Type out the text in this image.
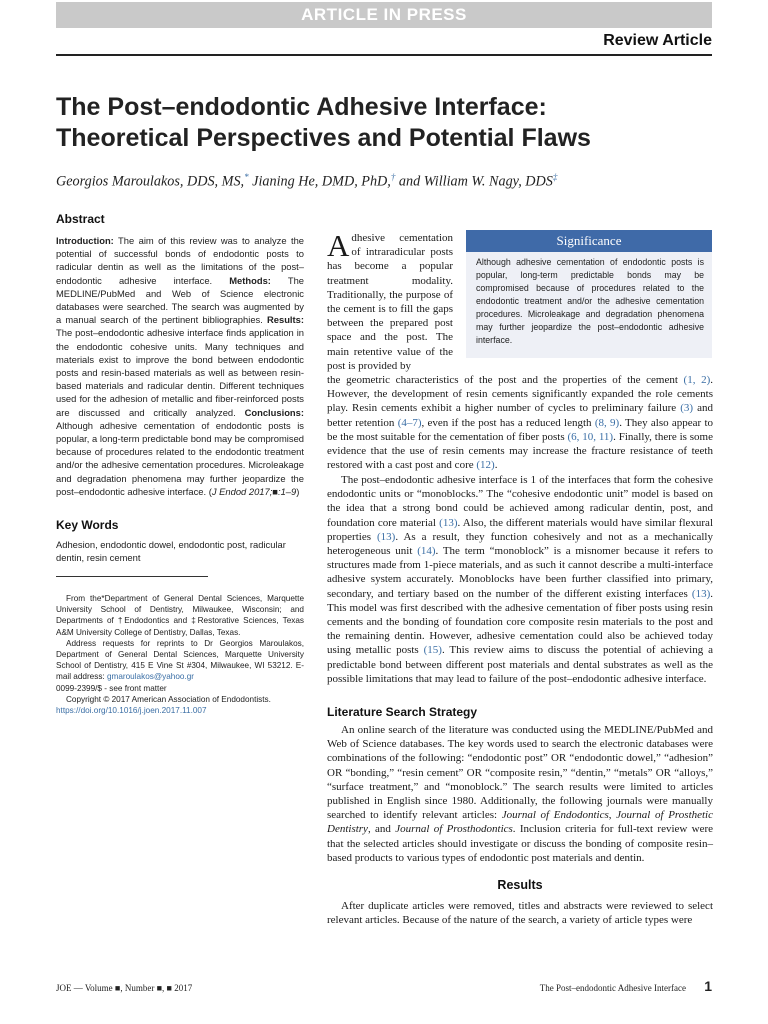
ARTICLE IN PRESS
Review Article
The Post–endodontic Adhesive Interface:
Theoretical Perspectives and Potential Flaws
Georgios Maroulakos, DDS, MS,* Jianing He, DMD, PhD,† and William W. Nagy, DDS‡
Abstract
Introduction: The aim of this review was to analyze the potential of successful bonds of endodontic posts to radicular dentin as well as the limitations of the post–endodontic adhesive interface. Methods: The MEDLINE/PubMed and Web of Science electronic databases were searched. The search was augmented by a manual search of the pertinent bibliographies. Results: The post–endodontic adhesive interface finds application in the endodontic cohesive units. Many techniques and materials exist to improve the bond between endodontic posts and resin-based materials as well as between resin-based materials and radicular dentin. Different techniques used for the adhesion of metallic and fiber-reinforced posts are discussed and critically analyzed. Conclusions: Although adhesive cementation of endodontic posts is popular, a long-term predictable bond may be compromised because of procedures related to the endodontic treatment and/or the adhesive cementation procedures. Microleakage and degradation phenomena may further jeopardize the post–endodontic adhesive interface. (J Endod 2017;■:1–9)
Key Words
Adhesion, endodontic dowel, endodontic post, radicular dentin, resin cement

From the*Department of General Dental Sciences, Marquette University School of Dentistry, Milwaukee, Wisconsin; and Departments of †Endodontics and ‡Restorative Sciences, Texas A&M University College of Dentistry, Dallas, Texas.

Address requests for reprints to Dr Georgios Maroulakos, Department of General Dental Sciences, Marquette University School of Dentistry, 415 E Vine St #304, Milwaukee, WI 53212. E-mail address: gmaroulakos@yahoo.gr

0099-2399/$ - see front matter

Copyright © 2017 American Association of Endodontists.

https://doi.org/10.1016/j.joen.2017.11.007

Significance
Although adhesive cementation of endodontic posts is popular, long-term predictable bonds may be compromised because of procedures related to the endodontic treatment and/or the adhesive cementation procedures. Microleakage and degradation phenomena may further jeopardize the post–endodontic adhesive interface.
Adhesive cementation of intraradicular posts has become a popular treatment modality. Traditionally, the purpose of the cement is to fill the gaps between the prepared post space and the post. The main retentive value of the post is provided by
the geometric characteristics of the post and the properties of the cement (1, 2). However, the development of resin cements significantly expanded the role cements play. Resin cements exhibit a higher number of cycles to preliminary failure (3) and better retention (4–7), even if the post has a reduced length (8, 9). They also appear to be the most suitable for the cementation of fiber posts (6, 10, 11). Finally, there is some evidence that the use of resin cements may increase the fracture resistance of teeth restored with a cast post and core (12).
The post–endodontic adhesive interface is 1 of the interfaces that form the cohesive endodontic units or “monoblocks.” The “cohesive endodontic unit” model is based on the idea that a strong bond could be achieved among radicular dentin, post, and foundation core material (13). Also, the different materials would have similar flexural properties (13). As a result, they function cohesively and not as a mechanically heterogeneous unit (14). The term “monoblock” is a misnomer because it refers to structures made from 1-piece materials, and as such it cannot describe a multi-interface adhesive system accurately. Monoblocks have been further classified into primary, secondary, and tertiary based on the number of the different existing interfaces (13). This model was first described with the adhesive cementation of fiber posts using resin cements and the bonding of foundation core composite resin materials to the post and the remaining dentin. However, adhesive cementation could also be achieved today using metallic posts (15). This review aims to discuss the potential of achieving a predictable bond between different post materials and dental substrates as well as the possible limitations that may lead to failure of the post–endodontic adhesive interface.
Literature Search Strategy
An online search of the literature was conducted using the MEDLINE/PubMed and Web of Science databases. The key words used to search the electronic databases were combinations of the following: “endodontic post” OR “endodontic dowel,” “adhesion” OR “bonding,” “resin cement” OR “composite resin,” “dentin,” “metals” OR “alloys,” “surface treatment,” and “monoblock.” The search results were limited to articles published in English since 1980. Additionally, the following journals were manually searched to identify relevant articles: Journal of Endodontics, Journal of Prosthetic Dentistry, and Journal of Prosthodontics. Inclusion criteria for full-text review were that the selected articles should investigate or discuss the bonding of composite resin–based products to various types of endodontic post materials and dentin.
Results
After duplicate articles were removed, titles and abstracts were reviewed to select relevant articles. Because of the nature of the search, a variety of article types were
JOE — Volume ■, Number ■, ■ 2017	The Post–endodontic Adhesive Interface 1
